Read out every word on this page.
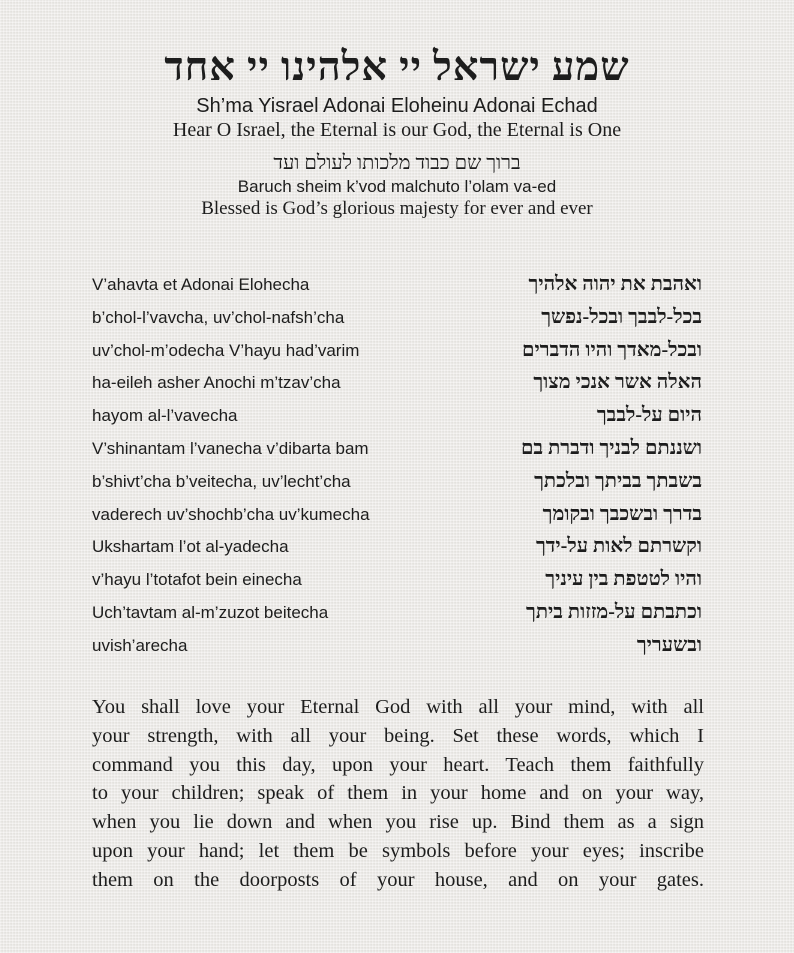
שמע ישראל יי אלהינו יי אחד
Sh’ma Yisrael Adonai Eloheinu Adonai Echad
Hear O Israel, the Eternal is our God, the Eternal is One
ברוך שם כבוד מלכותו לעולם ועד
Baruch sheim k’vod malchuto l’olam va-ed
Blessed is God’s glorious majesty for ever and ever
V’ahavta et Adonai Elohecha	ואהבת את יהוה אלהיך
b’chol-l’vavcha, uv’chol-nafsh’cha	בכל-לבבך ובכל-נפשך
uv’chol-m’odecha V’hayu had’varim	ובכל-מאדך והיו הדברים
ha-eileh asher Anochi m’tzav’cha	האלה אשר אנכי מצוך
hayom al-l’vavecha	היום על-לבבך
V’shinantam l’vanecha v’dibarta bam	ושננתם לבניך ודברת בם
b’shivt’cha b’veitecha, uv’lecht’cha	בשבתך בביתך ובלכתך
vaderech uv’shochb’cha uv’kumecha	בדרך ובשכבך ובקומך
Ukshartam l’ot al-yadecha	וקשרתם לאות על-ידך
v’hayu l’totafot bein einecha	והיו לטטפת בין עיניך
Uch’tavtam al-m’zuzot beitecha	וכתבתם על-מזזות ביתך
uvish’arecha	ובשעריך
You shall love your Eternal God with all your mind, with all
your strength, with all your being. Set these words, which I
command you this day, upon your heart. Teach them faithfully
to your children; speak of them in your home and on your way,
when you lie down and when you rise up. Bind them as a sign
upon your hand; let them be symbols before your eyes; inscribe
them on the doorposts of your house, and on your gates.
